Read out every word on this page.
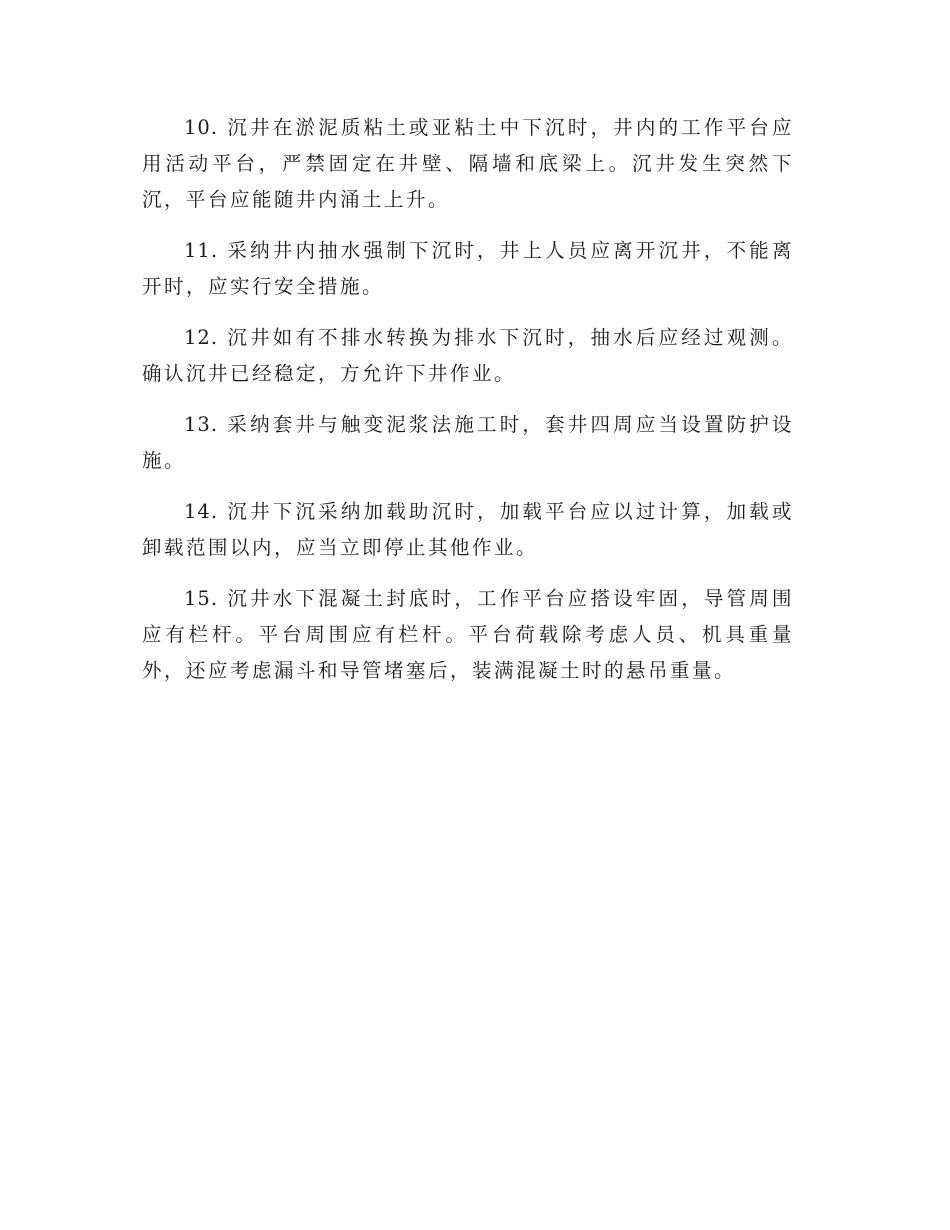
10. 沉井在淤泥质粘土或亚粘土中下沉时，井内的工作平台应用活动平台，严禁固定在井壁、隔墙和底梁上。沉井发生突然下沉，平台应能随井内涌土上升。

11. 采纳井内抽水强制下沉时，井上人员应离开沉井，不能离开时，应实行安全措施。

12. 沉井如有不排水转换为排水下沉时，抽水后应经过观测。确认沉井已经稳定，方允许下井作业。

13. 采纳套井与触变泥浆法施工时，套井四周应当设置防护设施。

14. 沉井下沉采纳加载助沉时，加载平台应以过计算，加载或卸载范围以内，应当立即停止其他作业。

15. 沉井水下混凝土封底时，工作平台应搭设牢固，导管周围应有栏杆。平台周围应有栏杆。平台荷载除考虑人员、机具重量外，还应考虑漏斗和导管堵塞后，装满混凝土时的悬吊重量。
